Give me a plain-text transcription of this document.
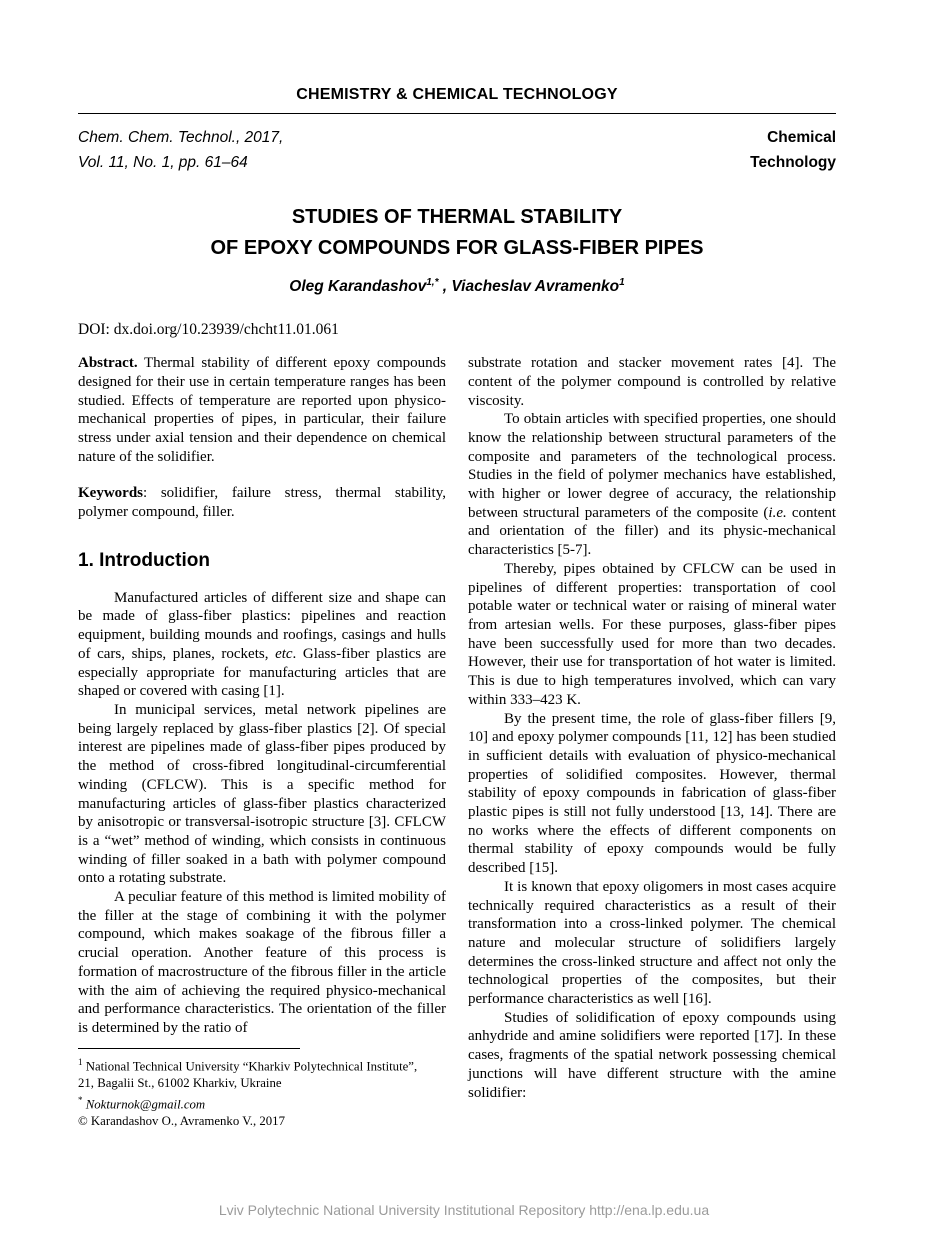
CHEMISTRY & CHEMICAL TECHNOLOGY
Chem. Chem. Technol., 2017,
Vol. 11, No. 1, pp. 61–64
Chemical
Technology
STUDIES OF THERMAL STABILITY
OF EPOXY COMPOUNDS FOR GLASS-FIBER PIPES
Oleg Karandashov$^{1,*}$ , Viacheslav Avramenko$^1$
DOI: dx.doi.org/10.23939/chcht11.01.061

Abstract. Thermal stability of different epoxy compounds designed for their use in certain temperature ranges has been studied. Effects of temperature are reported upon physico-mechanical properties of pipes, in particular, their failure stress under axial tension and their dependence on chemical nature of the solidifier.

Keywords: solidifier, failure stress, thermal stability, polymer compound, filler.

1. Introduction

Manufactured articles of different size and shape can be made of glass-fiber plastics: pipelines and reaction equipment, building mounds and roofings, casings and hulls of cars, ships, planes, rockets, etc. Glass-fiber plastics are especially appropriate for manufacturing articles that are shaped or covered with casing [1].

In municipal services, metal network pipelines are being largely replaced by glass-fiber plastics [2]. Of special interest are pipelines made of glass-fiber pipes produced by the method of cross-fibred longitudinal-circumferential winding (CFLCW). This is a specific method for manufacturing articles of glass-fiber plastics characterized by anisotropic or transversal-isotropic structure [3]. CFLCW is a “wet” method of winding, which consists in continuous winding of filler soaked in a bath with polymer compound onto a rotating substrate.

A peculiar feature of this method is limited mobility of the filler at the stage of combining it with the polymer compound, which makes soakage of the fibrous filler a crucial operation. Another feature of this process is formation of macrostructure of the fibrous filler in the article with the aim of achieving the required physico-mechanical and performance characteristics. The orientation of the filler is determined by the ratio of

$^1$ National Technical University “Kharkiv Polytechnical Institute”,

21, Bagalii St., 61002 Kharkiv, Ukraine

* Nokturnok@gmail.com

© Karandashov O., Avramenko V., 2017

substrate rotation and stacker movement rates [4]. The content of the polymer compound is controlled by relative viscosity.

To obtain articles with specified properties, one should know the relationship between structural parameters of the composite and parameters of the technological process. Studies in the field of polymer mechanics have established, with higher or lower degree of accuracy, the relationship between structural parameters of the composite (i.e. content and orientation of the filler) and its physic-mechanical characteristics [5-7].

Thereby, pipes obtained by CFLCW can be used in pipelines of different properties: transportation of cool potable water or technical water or raising of mineral water from artesian wells. For these purposes, glass-fiber pipes have been successfully used for more than two decades. However, their use for transportation of hot water is limited. This is due to high temperatures involved, which can vary within 333–423 K.

By the present time, the role of glass-fiber fillers [9, 10] and epoxy polymer compounds [11, 12] has been studied in sufficient details with evaluation of physico-mechanical properties of solidified composites. However, thermal stability of epoxy compounds in fabrication of glass-fiber plastic pipes is still not fully understood [13, 14]. There are no works where the effects of different components on thermal stability of epoxy compounds would be fully described [15].

It is known that epoxy oligomers in most cases acquire technically required characteristics as a result of their transformation into a cross-linked polymer. The chemical nature and molecular structure of solidifiers largely determines the cross-linked structure and affect not only the technological properties of the composites, but their performance characteristics as well [16].

Studies of solidification of epoxy compounds using anhydride and amine solidifiers were reported [17]. In these cases, fragments of the spatial network possessing chemical junctions will have different structure with the amine solidifier:

Lviv Polytechnic National University Institutional Repository http://ena.lp.edu.ua
